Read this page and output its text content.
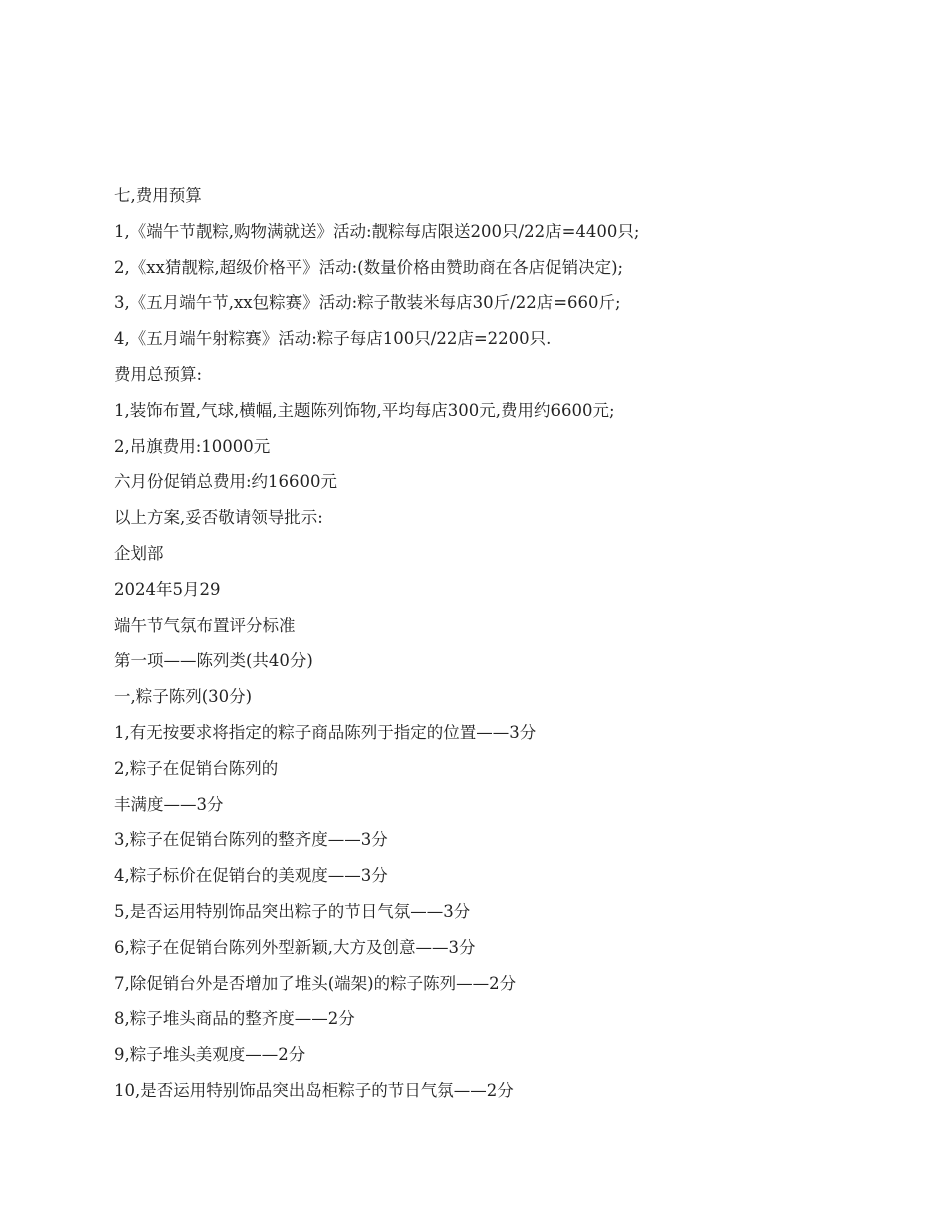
七,费用预算
1,《端午节靓粽,购物满就送》活动:靓粽每店限送200只/22店=4400只;
2,《xx猜靓粽,超级价格平》活动:(数量价格由赞助商在各店促销决定);
3,《五月端午节,xx包粽赛》活动:粽子散装米每店30斤/22店=660斤;
4,《五月端午射粽赛》活动:粽子每店100只/22店=2200只.
费用总预算:
1,装饰布置,气球,横幅,主题陈列饰物,平均每店300元,费用约6600元;
2,吊旗费用:10000元
六月份促销总费用:约16600元
以上方案,妥否敬请领导批示:
企划部
2024年5月29
端午节气氛布置评分标准
第一项——陈列类(共40分)
一,粽子陈列(30分)
1,有无按要求将指定的粽子商品陈列于指定的位置——3分
2,粽子在促销台陈列的
丰满度——3分
3,粽子在促销台陈列的整齐度——3分
4,粽子标价在促销台的美观度——3分
5,是否运用特别饰品突出粽子的节日气氛——3分
6,粽子在促销台陈列外型新颖,大方及创意——3分
7,除促销台外是否增加了堆头(端架)的粽子陈列——2分
8,粽子堆头商品的整齐度——2分
9,粽子堆头美观度——2分
10,是否运用特别饰品突出岛柜粽子的节日气氛——2分
